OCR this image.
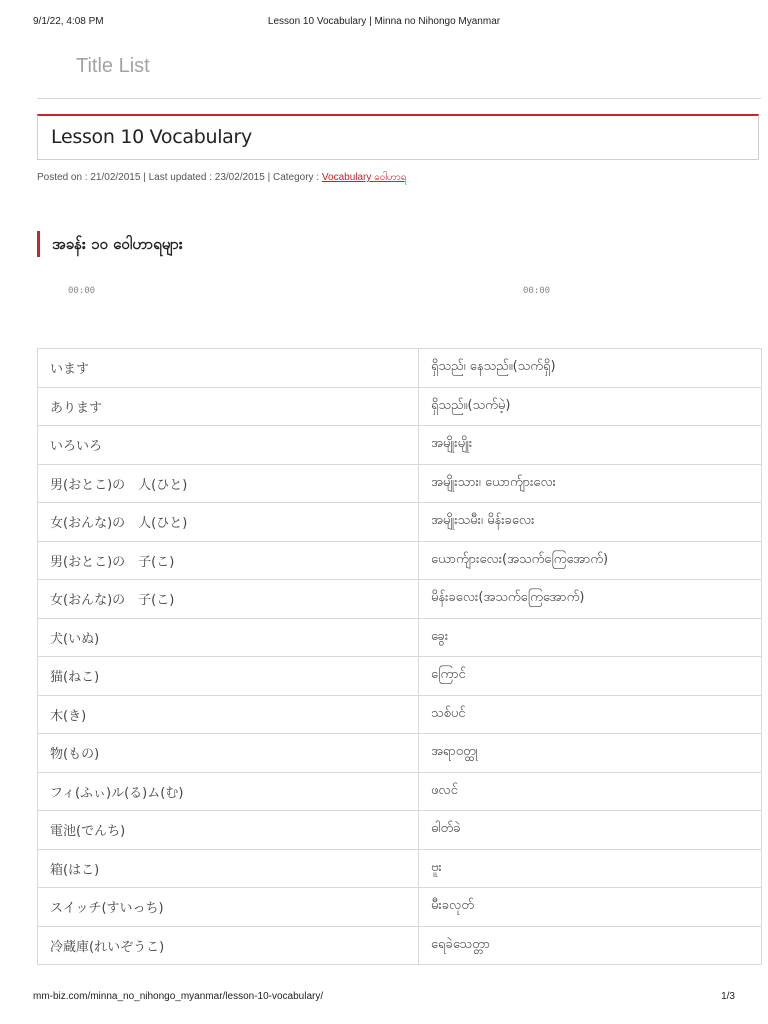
9/1/22, 4:08 PM	Lesson 10 Vocabulary | Minna no Nihongo Myanmar
Title List
Lesson 10 Vocabulary
Posted on : 21/02/2015 | Last updated : 23/02/2015 | Category : Vocabulary ဝေါဟာရ
အခန်း ၁၀ ဝေါဟာရများ
00:00	00:00
います	ရှိသည်၊ နေသည်။(သက်ရှိ)
あります	ရှိသည်။(သက်မဲ့)
いろいろ	အမျိုးမျိုး
男(おとこ)の　人(ひと)	အမျိုးသား၊ ယောက်ျားလေး
女(おんな)の　人(ひと)	အမျိုးသမီး၊ မိန်းခလေး
男(おとこ)の　子(こ)	ယောက်ျားလေး(အသက်ကြေအောက်)
女(おんな)の　子(こ)	မိန်းခလေး(အသက်ကြေအောက်)
犬(いぬ)	ခွေး
猫(ねこ)	ကြောင်
木(き)	သစ်ပင်
物(もの)	အရာဝတ္ထု
フィ(ふぃ)ル(る)ム(む)	ဖလင်
電池(でんち)	ဓါတ်ခဲ
箱(はこ)	ဗူး
スイッチ(すいっち)	မီးခလုတ်
冷蔵庫(れいぞうこ)	ရေခဲသေတ္တာ
mm-biz.com/minna_no_nihongo_myanmar/lesson-10-vocabulary/	1/3
